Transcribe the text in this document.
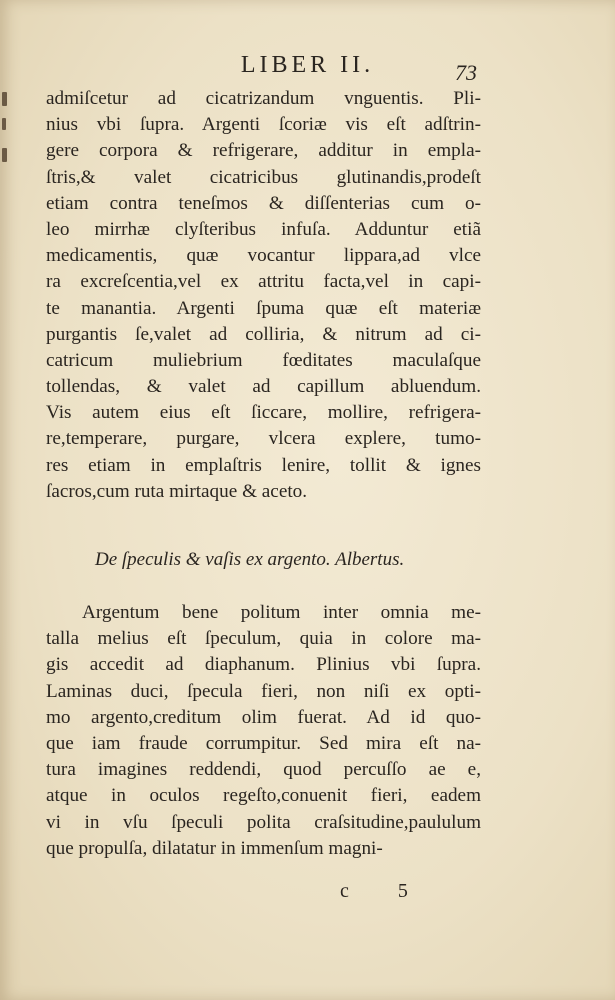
LIBER II.	73
admiſcetur ad cicatrizandum vnguentis. Pli-
nius vbi ſupra. Argenti ſcoriæ vis eſt adſtrin-
gere corpora & refrigerare, additur in empla-
ſtris,& valet cicatricibus glutinandis,prodeſt
etiam contra teneſmos & diſſenterias cum o-
leo mirrhæ clyſteribus infuſa. Adduntur etiã
medicamentis, quæ vocantur lippara,ad vlce
ra excreſcentia,vel ex attritu facta,vel in capi-
te manantia. Argenti ſpuma quæ eſt materiæ
purgantis ſe,valet ad colliria, & nitrum ad ci-
catricum muliebrium fœditates maculaſque
tollendas, & valet ad capillum abluendum.
Vis autem eius eſt ſiccare, mollire, refrigera-
re,temperare, purgare, vlcera explere, tumo-
res etiam in emplaſtris lenire, tollit & ignes
ſacros,cum ruta mirtaque & aceto.
De ſpeculis & vaſis ex argento. Albertus.
Argentum bene politum inter omnia me-
talla melius eſt ſpeculum, quia in colore ma-
gis accedit ad diaphanum. Plinius vbi ſupra.
Laminas duci, ſpecula fieri, non niſi ex opti-
mo argento,creditum olim fuerat. Ad id quo-
que iam fraude corrumpitur. Sed mira eſt na-
tura imagines reddendi, quod percuſſo ae e,
atque in oculos regeſto,conuenit fieri, eadem
vi in vſu ſpeculi polita craſsitudine,paululum
que propulſa, dilatatur in immenſum magni-
c 5
